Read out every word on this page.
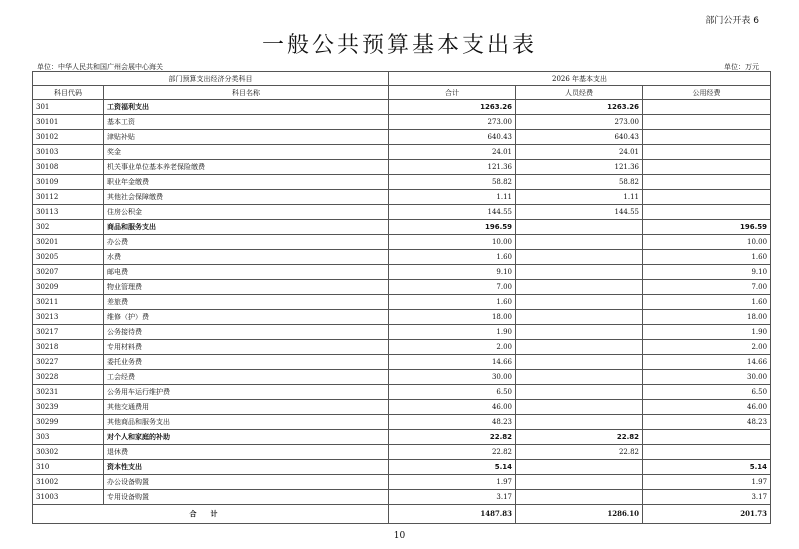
部门公开表 6
一般公共预算基本支出表
单位：中华人民共和国广州会展中心海关	单位：万元
部门预算支出经济分类科目		2026 年基本支出		
科目代码	科目名称	合计	人员经费	公用经费
301	工资福利支出	1263.26	1263.26	
30101	基本工资	273.00	273.00	
30102	津贴补贴	640.43	640.43	
30103	奖金	24.01	24.01	
30108	机关事业单位基本养老保险缴费	121.36	121.36	
30109	职业年金缴费	58.82	58.82	
30112	其他社会保障缴费	1.11	1.11	
30113	住房公积金	144.55	144.55	
302	商品和服务支出	196.59		196.59
30201	办公费	10.00		10.00
30205	水费	1.60		1.60
30207	邮电费	9.10		9.10
30209	物业管理费	7.00		7.00
30211	差旅费	1.60		1.60
30213	维修（护）费	18.00		18.00
30217	公务接待费	1.90		1.90
30218	专用材料费	2.00		2.00
30227	委托业务费	14.66		14.66
30228	工会经费	30.00		30.00
30231	公务用车运行维护费	6.50		6.50
30239	其他交通费用	46.00		46.00
30299	其他商品和服务支出	48.23		48.23
303	对个人和家庭的补助	22.82	22.82	
30302	退休费	22.82	22.82	
310	资本性支出	5.14		5.14
31002	办公设备购置	1.97		1.97
31003	专用设备购置	3.17		3.17
合计		1487.83	1286.10	201.73
10
